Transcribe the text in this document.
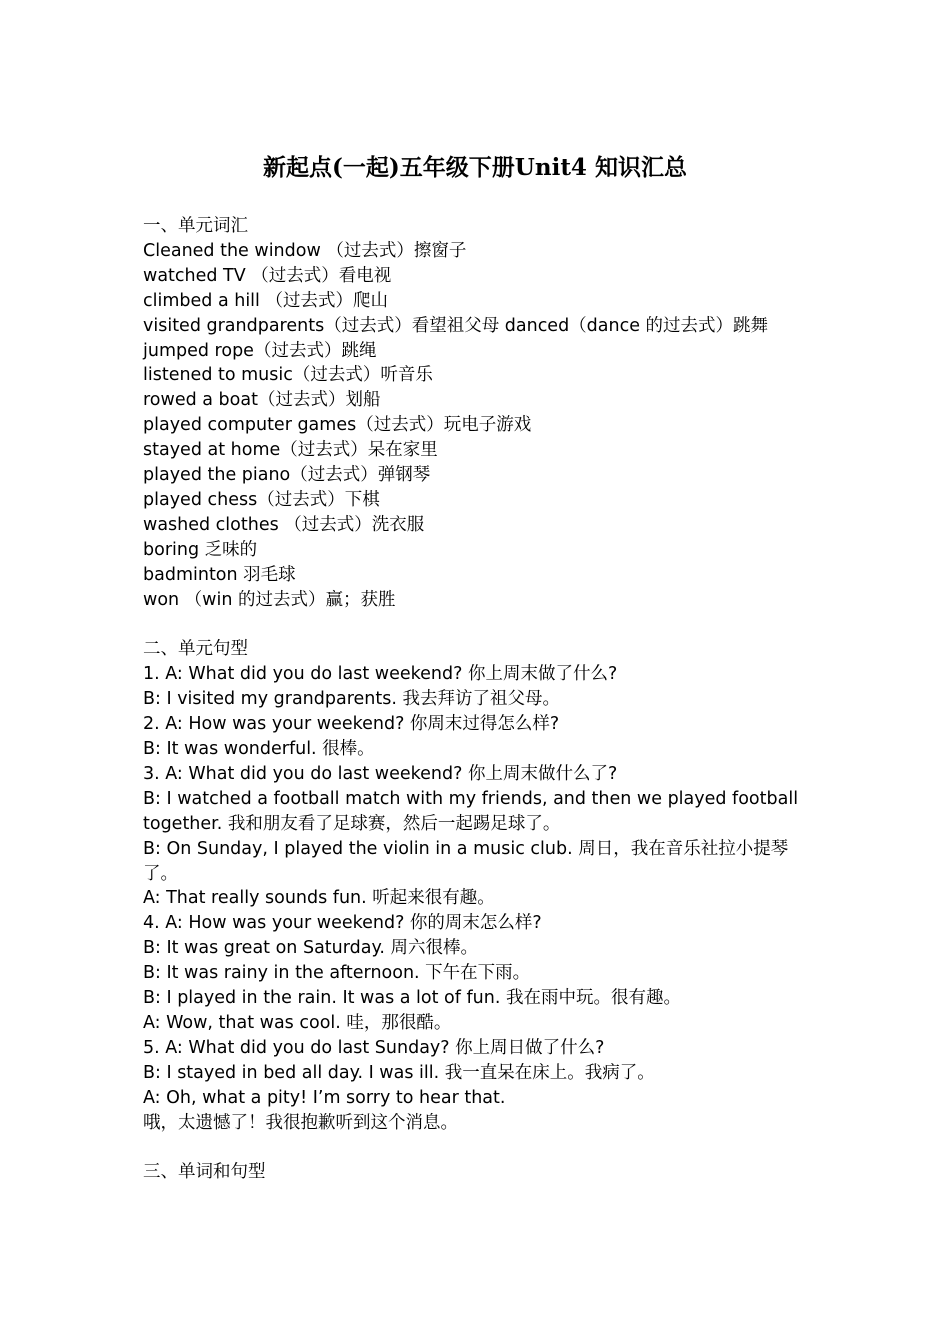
新起点(一起)五年级下册Unit4 知识汇总
一、单元词汇
Cleaned the window （过去式）擦窗子
watched TV （过去式）看电视
climbed a hill （过去式）爬山
visited grandparents（过去式）看望祖父母 danced（dance 的过去式）跳舞
jumped rope（过去式）跳绳
listened to music（过去式）听音乐
rowed a boat（过去式）划船
played computer games（过去式）玩电子游戏
stayed at home（过去式）呆在家里
played the piano（过去式）弹钢琴
played chess（过去式）下棋
washed clothes （过去式）洗衣服
boring 乏味的
badminton 羽毛球
won （win 的过去式）赢；获胜
二、单元句型
1. A: What did you do last weekend? 你上周末做了什么?
B: I visited my grandparents. 我去拜访了祖父母。
2. A: How was your weekend? 你周末过得怎么样?
B: It was wonderful. 很棒。
3. A: What did you do last weekend? 你上周末做什么了?
B: I watched a football match with my friends, and then we played football together. 我和朋友看了足球赛，然后一起踢足球了。
B: On Sunday, I played the violin in a music club. 周日，我在音乐社拉小提琴了。
A: That really sounds fun. 听起来很有趣。
4. A: How was your weekend? 你的周末怎么样?
B: It was great on Saturday. 周六很棒。
B: It was rainy in the afternoon. 下午在下雨。
B: I played in the rain. It was a lot of fun. 我在雨中玩。很有趣。
A: Wow, that was cool. 哇，那很酷。
5. A: What did you do last Sunday? 你上周日做了什么?
B: I stayed in bed all day. I was ill. 我一直呆在床上。我病了。
A: Oh, what a pity! I’m sorry to hear that.
哦，太遗憾了！我很抱歉听到这个消息。
三、单词和句型
